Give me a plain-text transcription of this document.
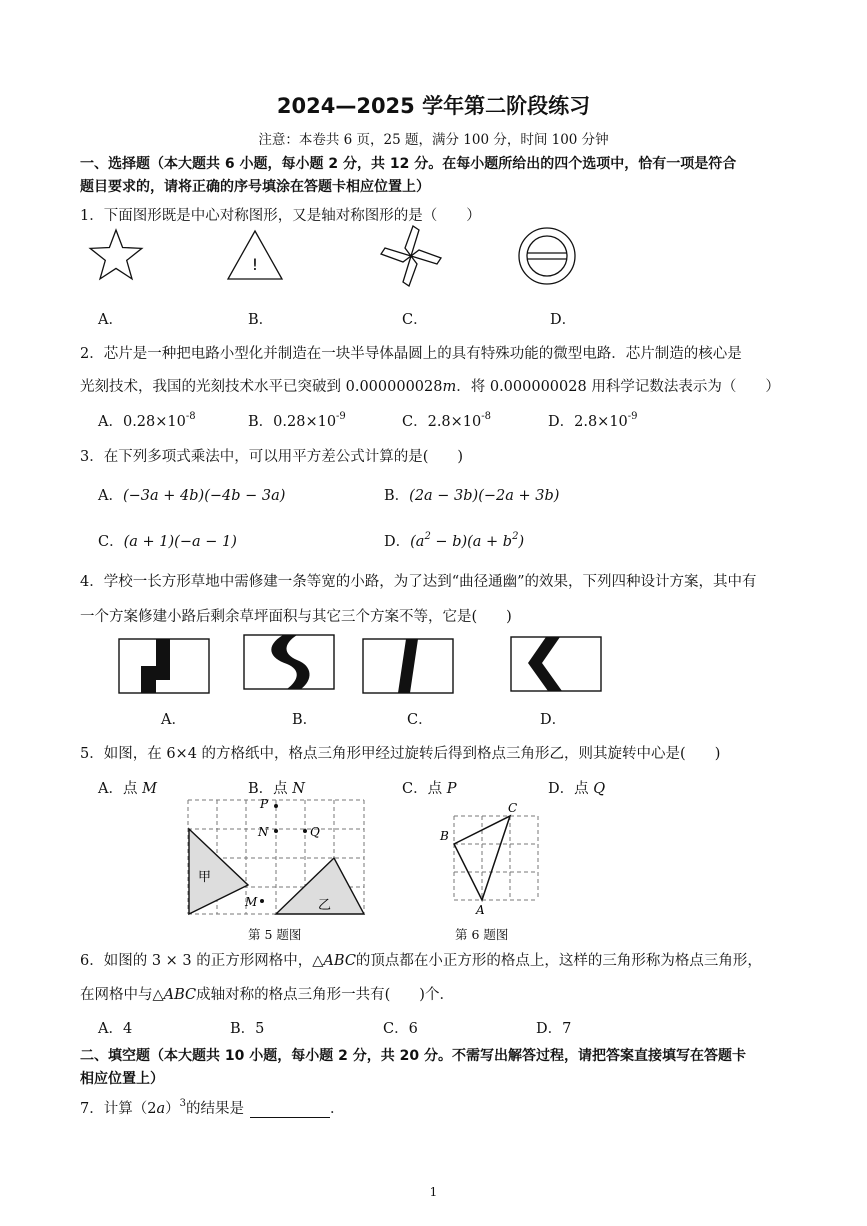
2024—2025 学年第二阶段练习
注意：本卷共 6 页，25 题，满分 100 分，时间 100 分钟
一、选择题（本大题共 6 小题，每小题 2 分，共 12 分。在每小题所给出的四个选项中，恰有一项是符合
题目要求的，请将正确的序号填涂在答题卡相应位置上）
1．下面图形既是中心对称图形，又是轴对称图形的是（　　）
!
A．	B．	C．	D．
2．芯片是一种把电路小型化并制造在一块半导体晶圆上的具有特殊功能的微型电路．芯片制造的核心是
光刻技术，我国的光刻技术水平已突破到 0.000000028m．将 0.000000028 用科学记数法表示为（　　）
A．$0.28\times 10^{-8}$	B．$0.28\times 10^{-9}$	C．$2.8\times 10^{-8}$	D．$2.8\times 10^{-9}$
3．在下列多项式乘法中，可以用平方差公式计算的是(　　)
A．(−3a + 4b)(−4b − 3a)	B．(2a − 3b)(−2a + 3b)
C．(a + 1)(−a − 1)	D．$(a^2 - b)(a + b^2)$
4．学校一长方形草地中需修建一条等宽的小路，为了达到“曲径通幽”的效果，下列四种设计方案，其中有
一个方案修建小路后剩余草坪面积与其它三个方案不等，它是(　　)
A．	B．	C．	D．
5．如图，在 6×4 的方格纸中，格点三角形甲经过旋转后得到格点三角形乙，则其旋转中心是(　　)
A．点 M	B．点 N	C．点 P	D．点 Q
P
N	Q
M
甲
乙
第 5 题图
A
B
C
第 6 题图
6．如图的 3 × 3 的正方形网格中，△ABC的顶点都在小正方形的格点上，这样的三角形称为格点三角形，
在网格中与△ABC成轴对称的格点三角形一共有(　　)个．
A．4	B．5	C．6	D．7
二、填空题（本大题共 10 小题，每小题 2 分，共 20 分。不需写出解答过程，请把答案直接填写在答题卡
相应位置上）
7．计算$(2a)^3$的结果是	．
1
